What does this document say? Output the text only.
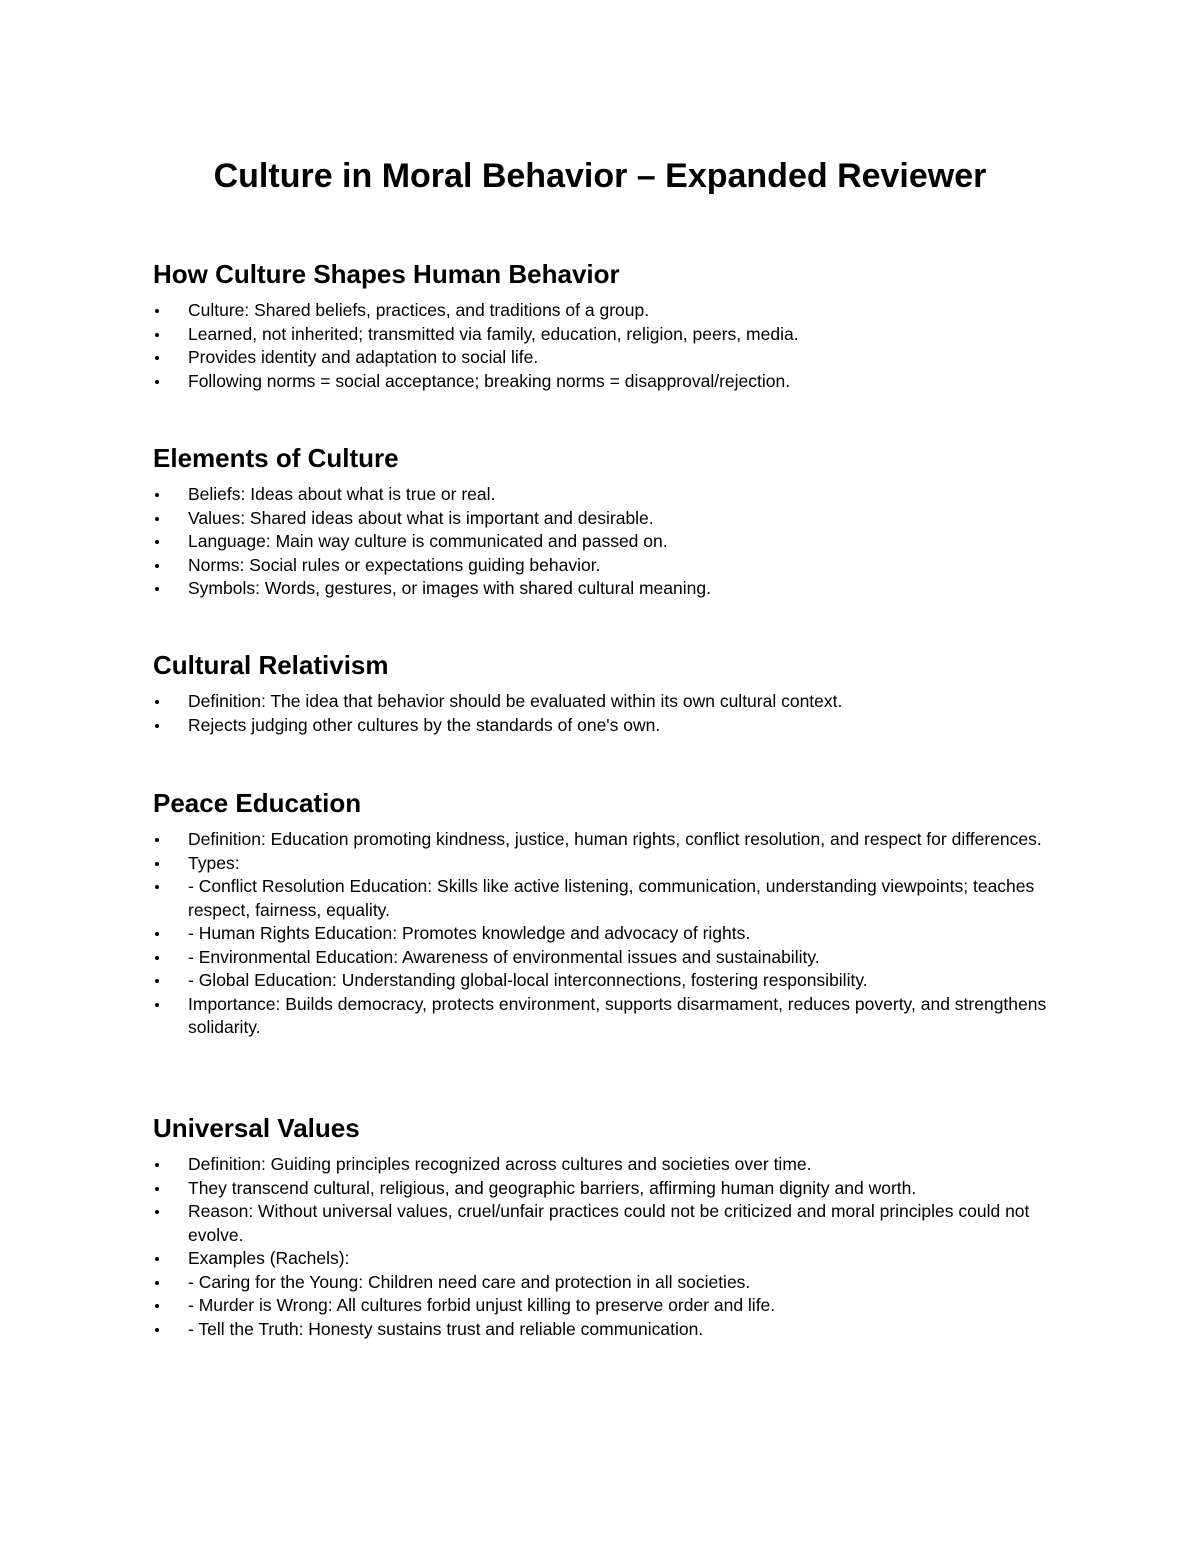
Culture in Moral Behavior – Expanded Reviewer
How Culture Shapes Human Behavior
Culture: Shared beliefs, practices, and traditions of a group.
Learned, not inherited; transmitted via family, education, religion, peers, media.
Provides identity and adaptation to social life.
Following norms = social acceptance; breaking norms = disapproval/rejection.
Elements of Culture
Beliefs: Ideas about what is true or real.
Values: Shared ideas about what is important and desirable.
Language: Main way culture is communicated and passed on.
Norms: Social rules or expectations guiding behavior.
Symbols: Words, gestures, or images with shared cultural meaning.
Cultural Relativism
Definition: The idea that behavior should be evaluated within its own cultural context.
Rejects judging other cultures by the standards of one's own.
Peace Education
Definition: Education promoting kindness, justice, human rights, conflict resolution, and respect for differences.
Types:
- Conflict Resolution Education: Skills like active listening, communication, understanding viewpoints; teaches respect, fairness, equality.
- Human Rights Education: Promotes knowledge and advocacy of rights.
- Environmental Education: Awareness of environmental issues and sustainability.
- Global Education: Understanding global-local interconnections, fostering responsibility.
Importance: Builds democracy, protects environment, supports disarmament, reduces poverty, and strengthens solidarity.
Universal Values
Definition: Guiding principles recognized across cultures and societies over time.
They transcend cultural, religious, and geographic barriers, affirming human dignity and worth.
Reason: Without universal values, cruel/unfair practices could not be criticized and moral principles could not evolve.
Examples (Rachels):
- Caring for the Young: Children need care and protection in all societies.
- Murder is Wrong: All cultures forbid unjust killing to preserve order and life.
- Tell the Truth: Honesty sustains trust and reliable communication.
